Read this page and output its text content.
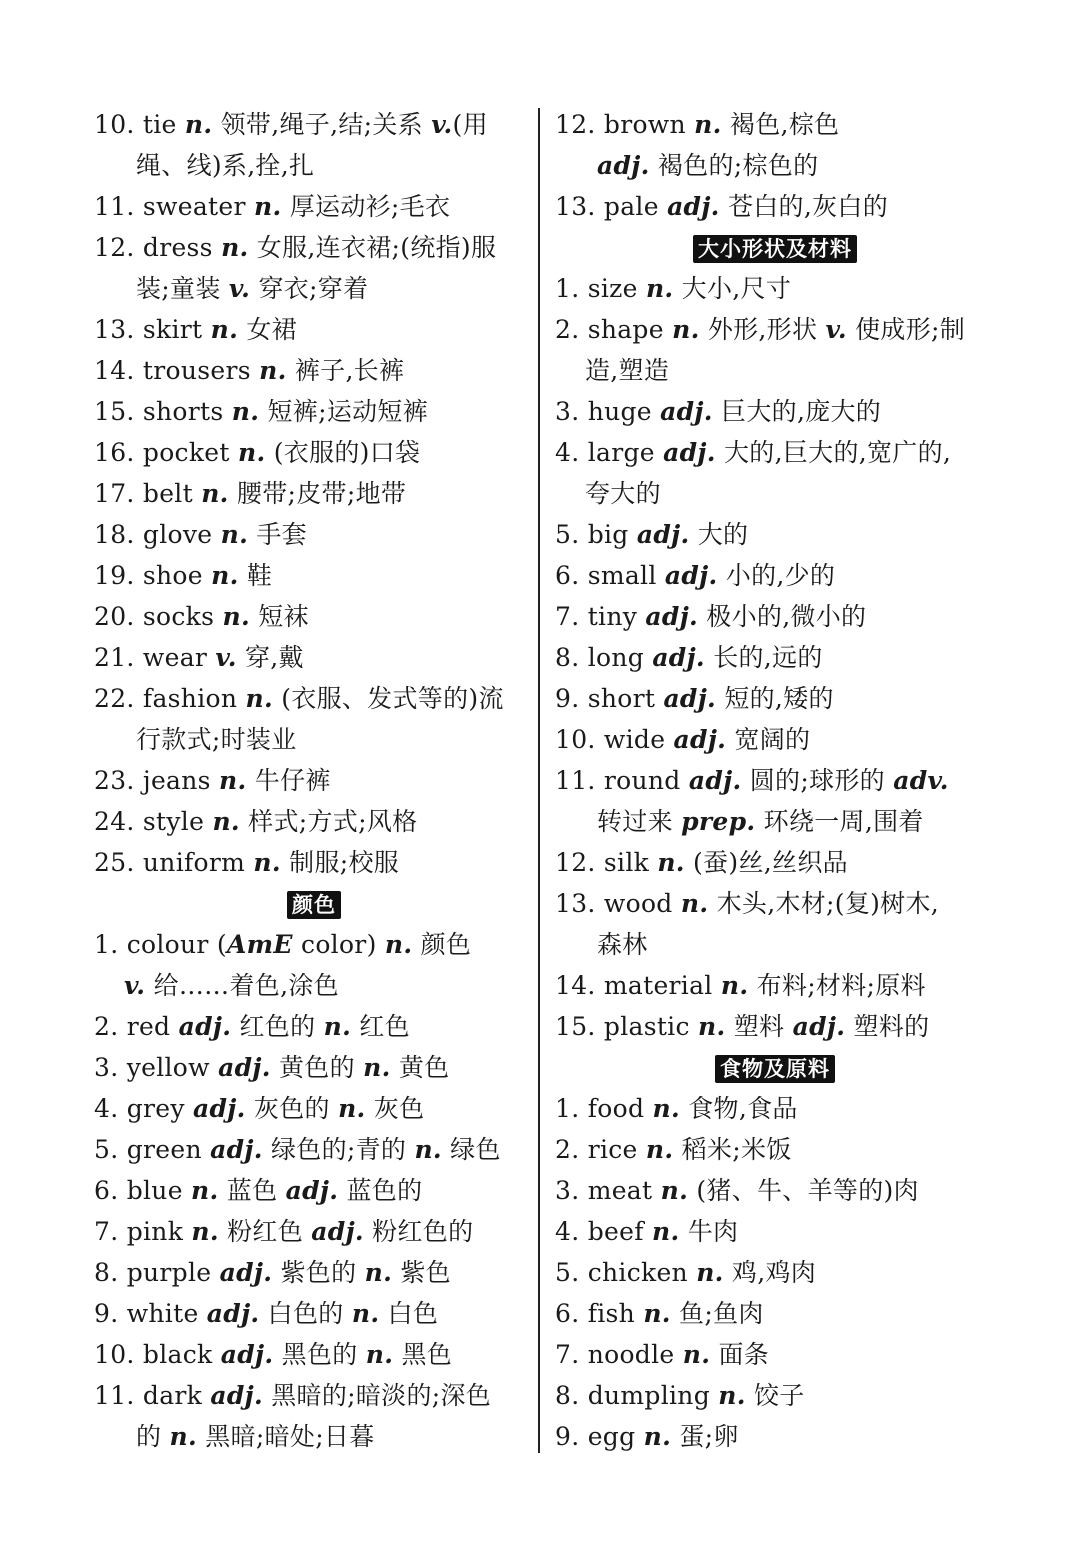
10. tie n. 领带,绳子,结;关系 v.(用
绳、线)系,拴,扎
11. sweater n. 厚运动衫;毛衣
12. dress n. 女服,连衣裙;(统指)服
装;童装 v. 穿衣;穿着
13. skirt n. 女裙
14. trousers n. 裤子,长裤
15. shorts n. 短裤;运动短裤
16. pocket n. (衣服的)口袋
17. belt n. 腰带;皮带;地带
18. glove n. 手套
19. shoe n. 鞋
20. socks n. 短袜
21. wear v. 穿,戴
22. fashion n. (衣服、发式等的)流
行款式;时装业
23. jeans n. 牛仔裤
24. style n. 样式;方式;风格
25. uniform n. 制服;校服
颜色
1. colour (AmE color) n. 颜色
v. 给……着色,涂色
2. red adj. 红色的 n. 红色
3. yellow adj. 黄色的 n. 黄色
4. grey adj. 灰色的 n. 灰色
5. green adj. 绿色的;青的 n. 绿色
6. blue n. 蓝色 adj. 蓝色的
7. pink n. 粉红色 adj. 粉红色的
8. purple adj. 紫色的 n. 紫色
9. white adj. 白色的 n. 白色
10. black adj. 黑色的 n. 黑色
11. dark adj. 黑暗的;暗淡的;深色
的 n. 黑暗;暗处;日暮
12. brown n. 褐色,棕色
adj. 褐色的;棕色的
13. pale adj. 苍白的,灰白的
大小形状及材料
1. size n. 大小,尺寸
2. shape n. 外形,形状 v. 使成形;制
造,塑造
3. huge adj. 巨大的,庞大的
4. large adj. 大的,巨大的,宽广的,
夸大的
5. big adj. 大的
6. small adj. 小的,少的
7. tiny adj. 极小的,微小的
8. long adj. 长的,远的
9. short adj. 短的,矮的
10. wide adj. 宽阔的
11. round adj. 圆的;球形的 adv.
转过来 prep. 环绕一周,围着
12. silk n. (蚕)丝,丝织品
13. wood n. 木头,木材;(复)树木,
森林
14. material n. 布料;材料;原料
15. plastic n. 塑料 adj. 塑料的
食物及原料
1. food n. 食物,食品
2. rice n. 稻米;米饭
3. meat n. (猪、牛、羊等的)肉
4. beef n. 牛肉
5. chicken n. 鸡,鸡肉
6. fish n. 鱼;鱼肉
7. noodle n. 面条
8. dumpling n. 饺子
9. egg n. 蛋;卵
